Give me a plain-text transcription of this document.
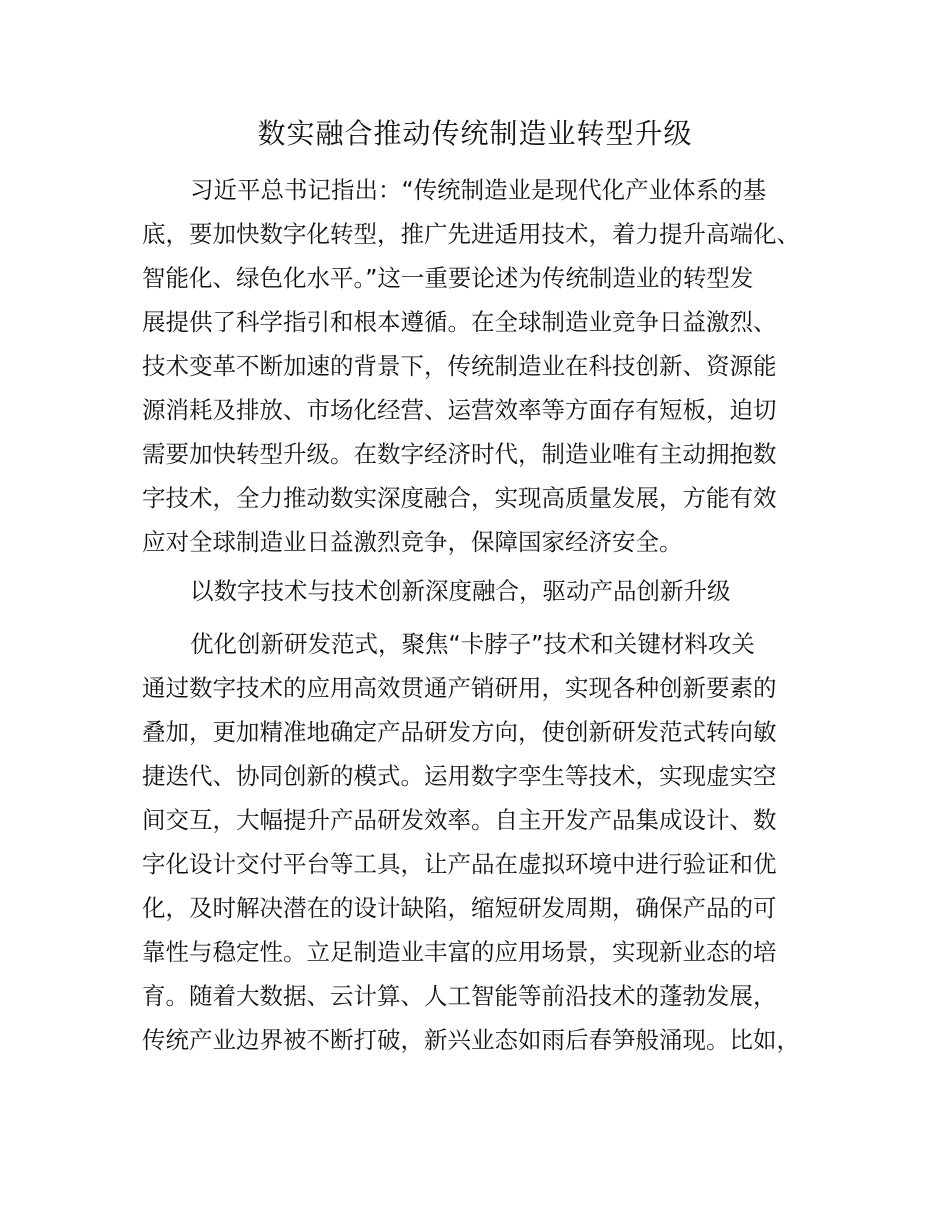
数实融合推动传统制造业转型升级

习近平总书记指出：“传统制造业是现代化产业体系的基

底，要加快数字化转型，推广先进适用技术，着力提升高端化、

智能化、绿色化水平。”这一重要论述为传统制造业的转型发

展提供了科学指引和根本遵循。在全球制造业竞争日益激烈、

技术变革不断加速的背景下，传统制造业在科技创新、资源能

源消耗及排放、市场化经营、运营效率等方面存有短板，迫切

需要加快转型升级。在数字经济时代，制造业唯有主动拥抱数

字技术，全力推动数实深度融合，实现高质量发展，方能有效

应对全球制造业日益激烈竞争，保障国家经济安全。

以数字技术与技术创新深度融合，驱动产品创新升级

优化创新研发范式，聚焦“卡脖子”技术和关键材料攻关

通过数字技术的应用高效贯通产销研用，实现各种创新要素的

叠加，更加精准地确定产品研发方向，使创新研发范式转向敏

捷迭代、协同创新的模式。运用数字孪生等技术，实现虚实空

间交互，大幅提升产品研发效率。自主开发产品集成设计、数

字化设计交付平台等工具，让产品在虚拟环境中进行验证和优

化，及时解决潜在的设计缺陷，缩短研发周期，确保产品的可

靠性与稳定性。立足制造业丰富的应用场景，实现新业态的培

育。随着大数据、云计算、人工智能等前沿技术的蓬勃发展，

传统产业边界被不断打破，新兴业态如雨后春笋般涌现。比如，
